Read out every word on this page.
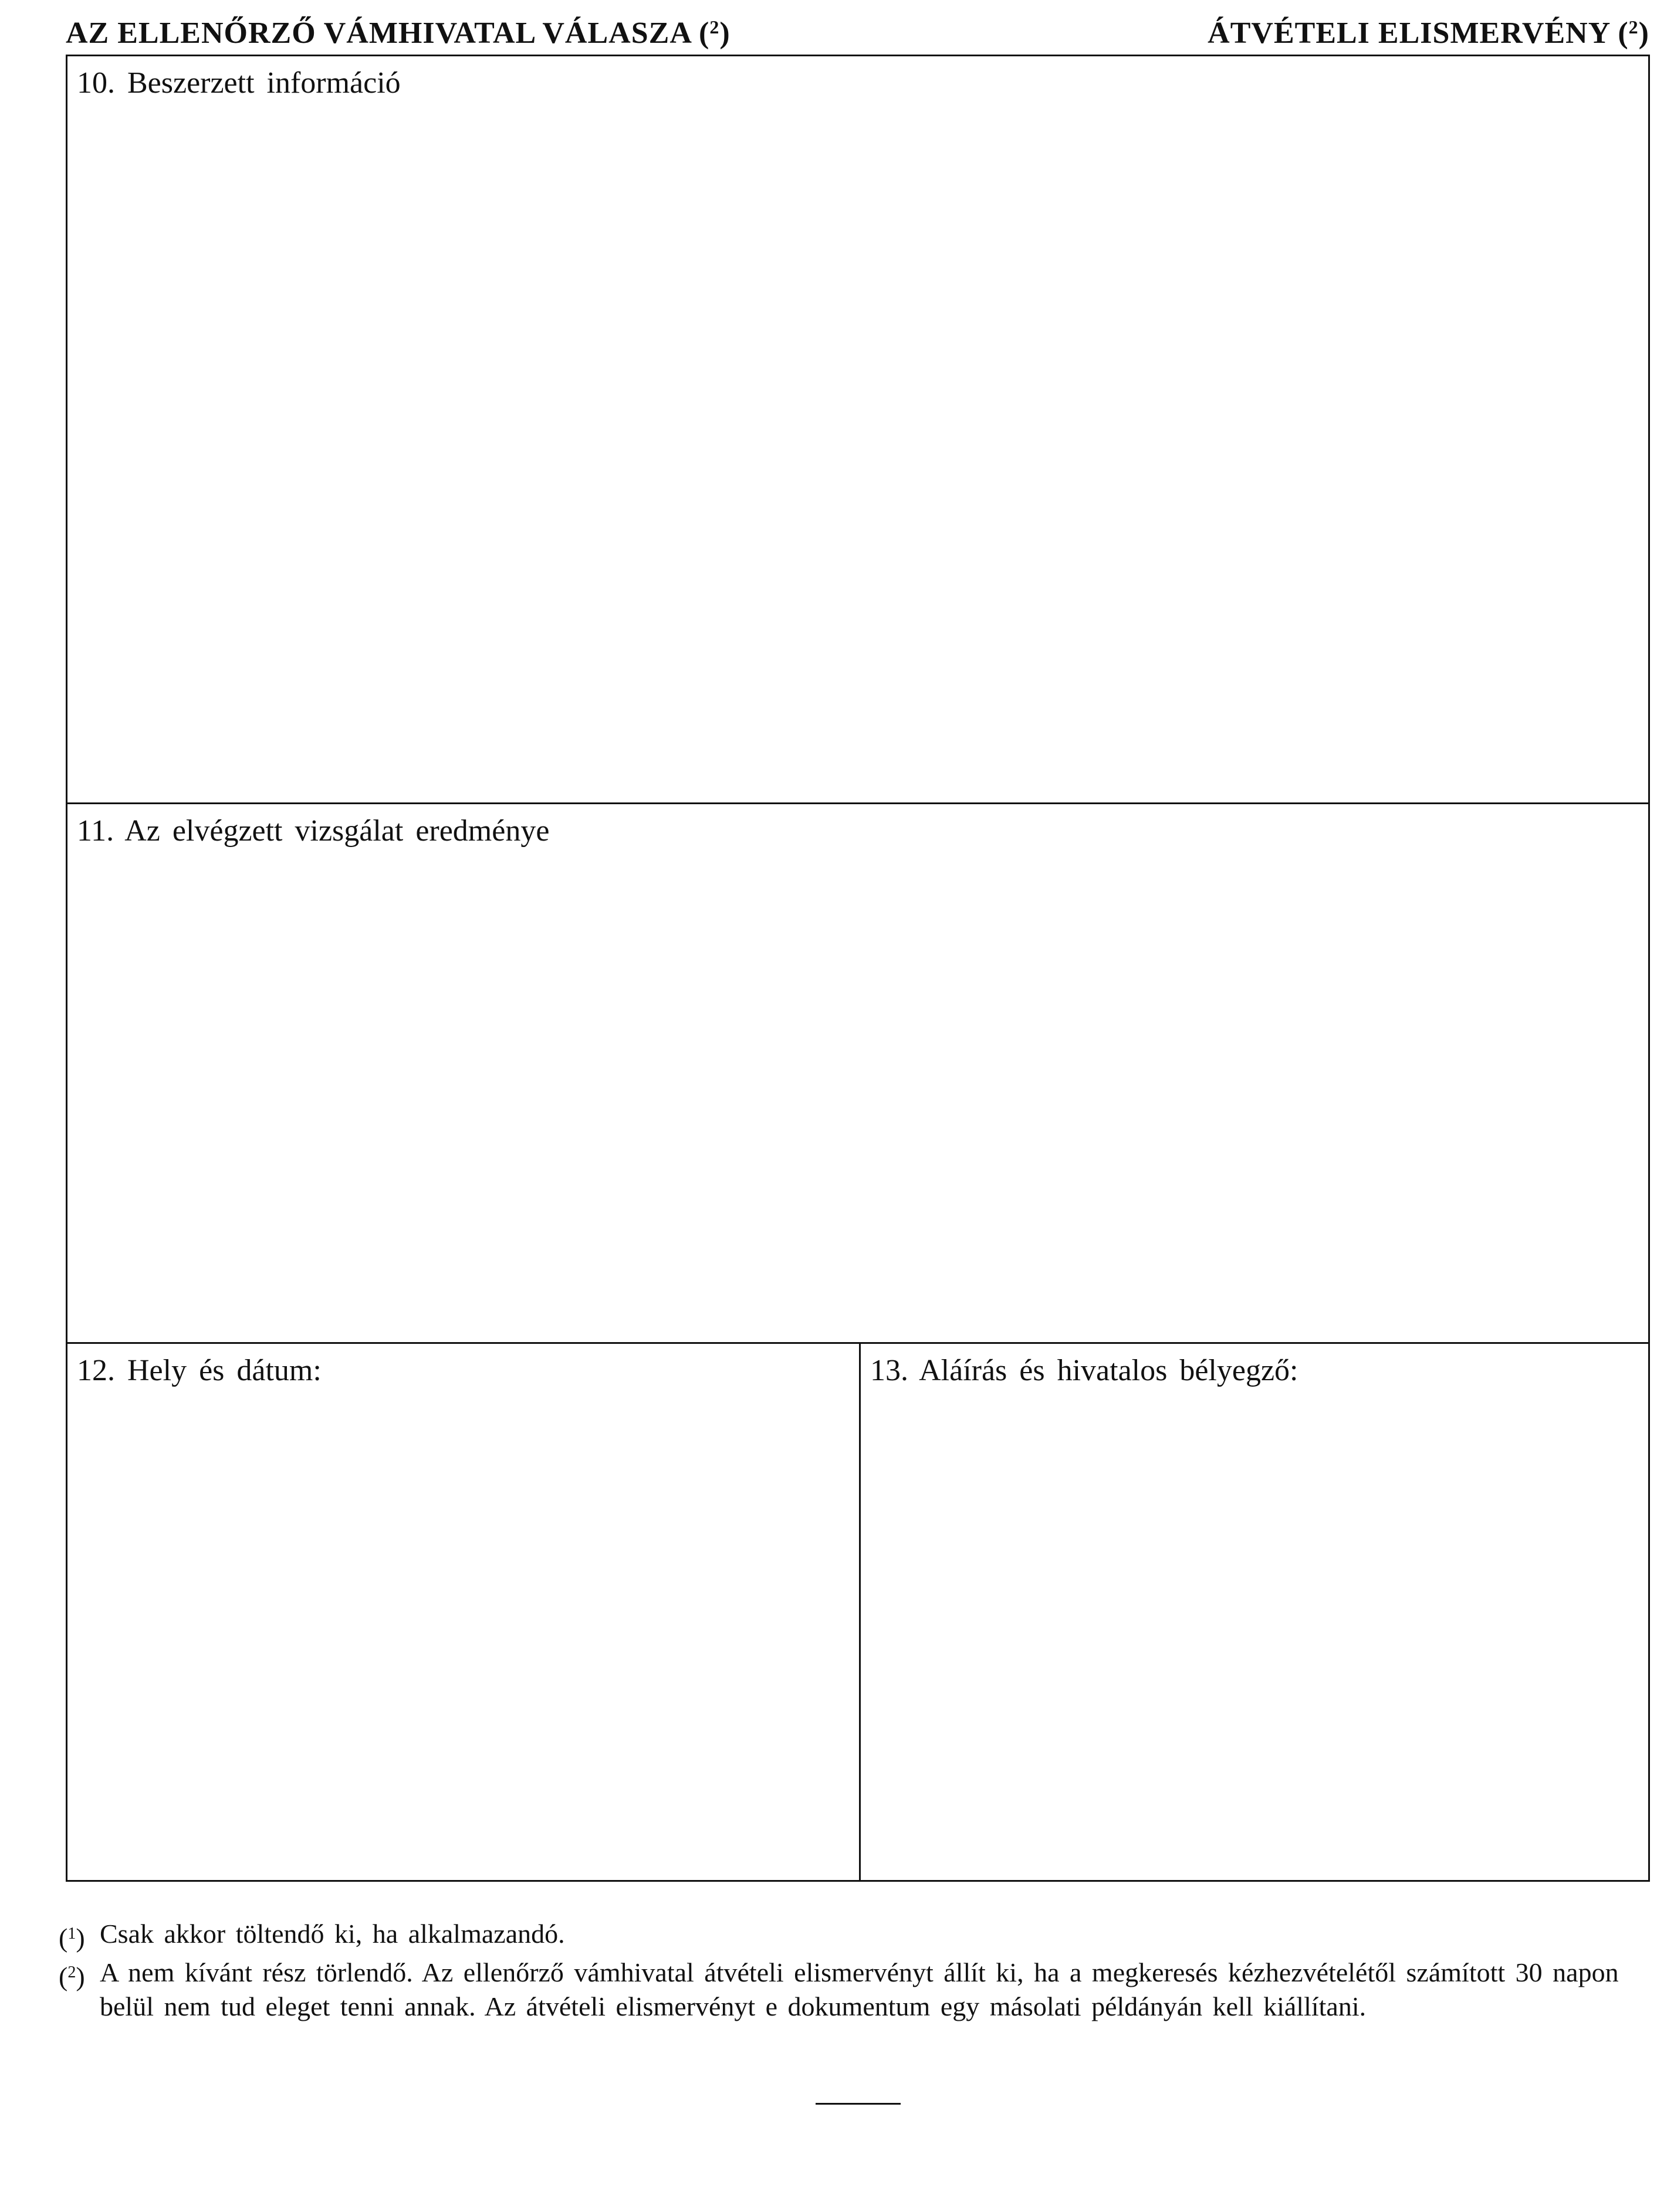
AZ ELLENŐRZŐ VÁMHIVATAL VÁLASZA ($^2$)	ÁTVÉTELI ELISMERVÉNY ($^2$)
10. Beszerzett információ
11. Az elvégzett vizsgálat eredménye
12. Hely és dátum:	13. Aláírás és hivatalos bélyegző:
($^1$) Csak akkor töltendő ki, ha alkalmazandó.
($^2$) A nem kívánt rész törlendő. Az ellenőrző vámhivatal átvételi elismervényt állít ki, ha a megkeresés kézhezvételétől számított 30 napon belül nem tud eleget tenni annak. Az átvételi elismervényt e dokumentum egy másolati példányán kell kiállítani.
